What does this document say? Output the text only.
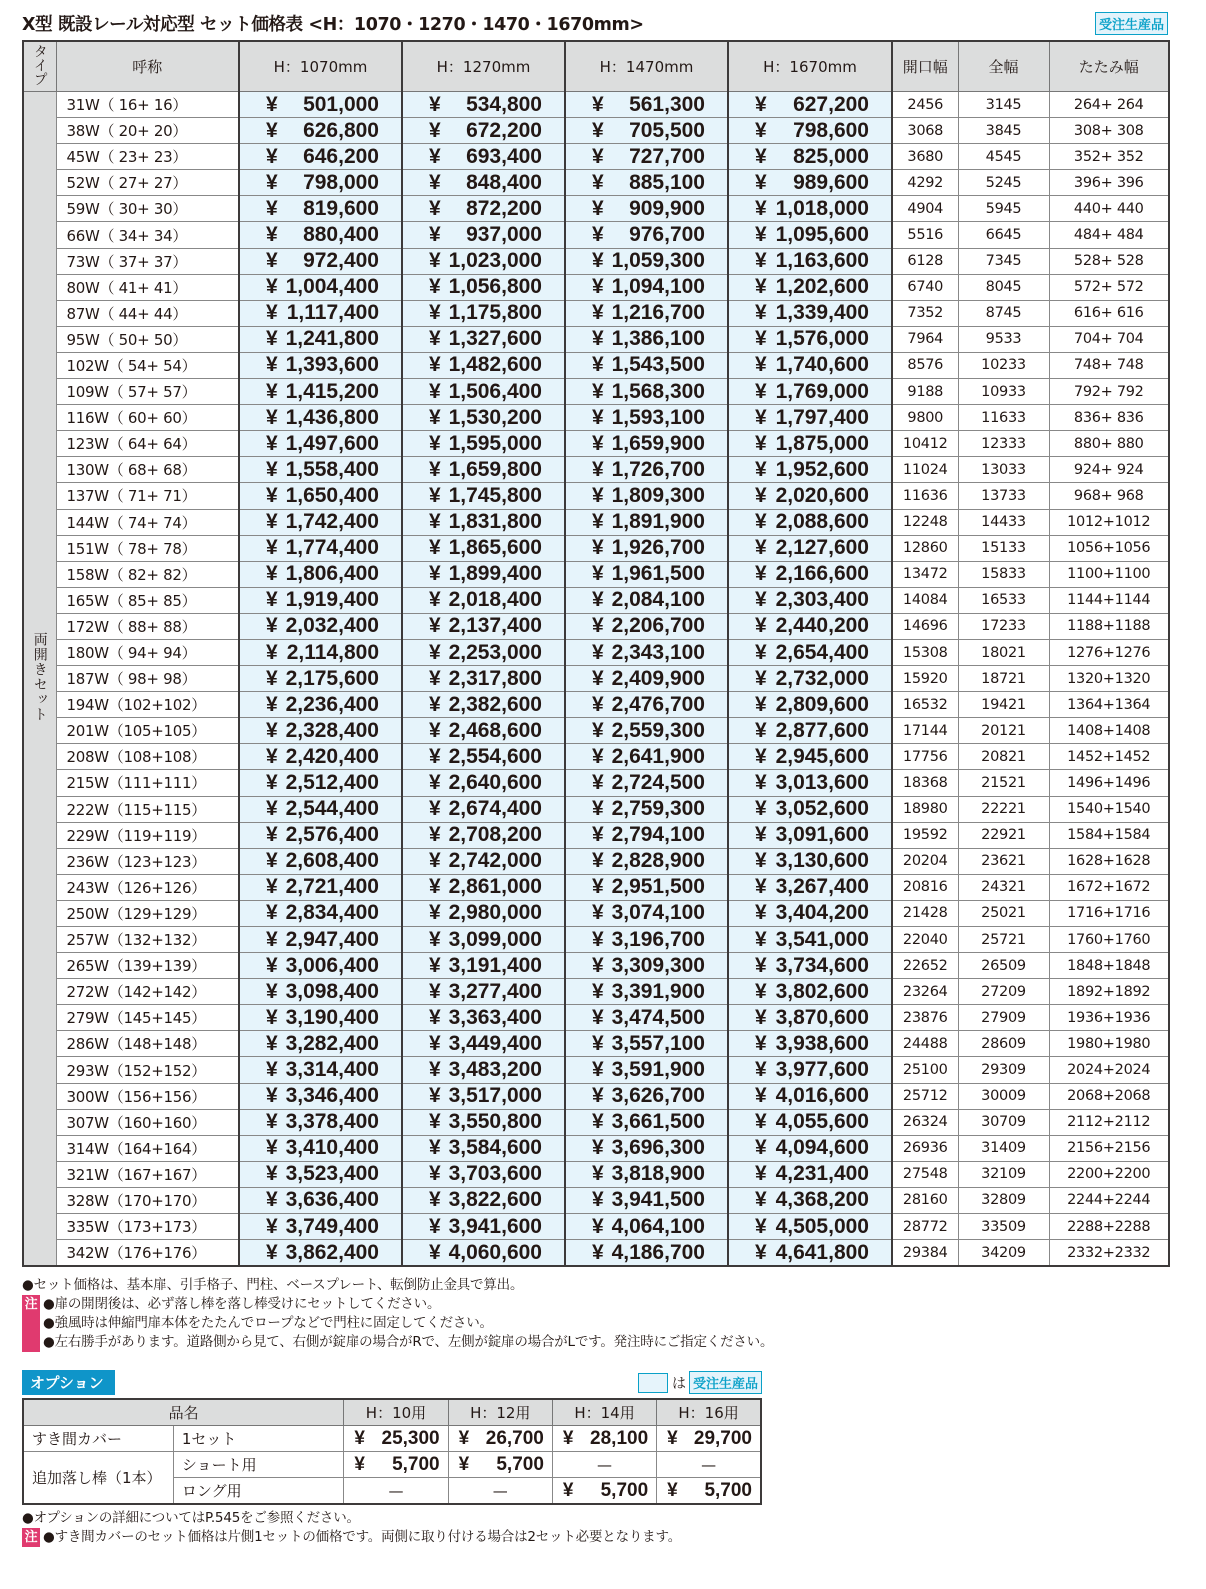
X型 既設レール対応型 セット価格表 <H：1070・1270・1470・1670mm>	受注生産品
タイプ	呼称	H：1070mm	H：1270mm	H：1470mm	H：1670mm	開口幅	全幅	たたみ幅
両開きセット	31W（ 16+ 16）	¥ 501,000	¥ 534,800	¥ 561,300	¥ 627,200	2456	3145	264+ 264
	38W（ 20+ 20）	¥ 626,800	¥ 672,200	¥ 705,500	¥ 798,600	3068	3845	308+ 308
	45W（ 23+ 23）	¥ 646,200	¥ 693,400	¥ 727,700	¥ 825,000	3680	4545	352+ 352
	52W（ 27+ 27）	¥ 798,000	¥ 848,400	¥ 885,100	¥ 989,600	4292	5245	396+ 396
	59W（ 30+ 30）	¥ 819,600	¥ 872,200	¥ 909,900	¥ 1,018,000	4904	5945	440+ 440
	66W（ 34+ 34）	¥ 880,400	¥ 937,000	¥ 976,700	¥ 1,095,600	5516	6645	484+ 484
	73W（ 37+ 37）	¥ 972,400	¥ 1,023,000	¥ 1,059,300	¥ 1,163,600	6128	7345	528+ 528
	80W（ 41+ 41）	¥ 1,004,400	¥ 1,056,800	¥ 1,094,100	¥ 1,202,600	6740	8045	572+ 572
	87W（ 44+ 44）	¥ 1,117,400	¥ 1,175,800	¥ 1,216,700	¥ 1,339,400	7352	8745	616+ 616
	95W（ 50+ 50）	¥ 1,241,800	¥ 1,327,600	¥ 1,386,100	¥ 1,576,000	7964	9533	704+ 704
	102W（ 54+ 54）	¥ 1,393,600	¥ 1,482,600	¥ 1,543,500	¥ 1,740,600	8576	10233	748+ 748
	109W（ 57+ 57）	¥ 1,415,200	¥ 1,506,400	¥ 1,568,300	¥ 1,769,000	9188	10933	792+ 792
	116W（ 60+ 60）	¥ 1,436,800	¥ 1,530,200	¥ 1,593,100	¥ 1,797,400	9800	11633	836+ 836
	123W（ 64+ 64）	¥ 1,497,600	¥ 1,595,000	¥ 1,659,900	¥ 1,875,000	10412	12333	880+ 880
	130W（ 68+ 68）	¥ 1,558,400	¥ 1,659,800	¥ 1,726,700	¥ 1,952,600	11024	13033	924+ 924
	137W（ 71+ 71）	¥ 1,650,400	¥ 1,745,800	¥ 1,809,300	¥ 2,020,600	11636	13733	968+ 968
	144W（ 74+ 74）	¥ 1,742,400	¥ 1,831,800	¥ 1,891,900	¥ 2,088,600	12248	14433	1012+1012
	151W（ 78+ 78）	¥ 1,774,400	¥ 1,865,600	¥ 1,926,700	¥ 2,127,600	12860	15133	1056+1056
	158W（ 82+ 82）	¥ 1,806,400	¥ 1,899,400	¥ 1,961,500	¥ 2,166,600	13472	15833	1100+1100
	165W（ 85+ 85）	¥ 1,919,400	¥ 2,018,400	¥ 2,084,100	¥ 2,303,400	14084	16533	1144+1144
	172W（ 88+ 88）	¥ 2,032,400	¥ 2,137,400	¥ 2,206,700	¥ 2,440,200	14696	17233	1188+1188
	180W（ 94+ 94）	¥ 2,114,800	¥ 2,253,000	¥ 2,343,100	¥ 2,654,400	15308	18021	1276+1276
	187W（ 98+ 98）	¥ 2,175,600	¥ 2,317,800	¥ 2,409,900	¥ 2,732,000	15920	18721	1320+1320
	194W（102+102）	¥ 2,236,400	¥ 2,382,600	¥ 2,476,700	¥ 2,809,600	16532	19421	1364+1364
	201W（105+105）	¥ 2,328,400	¥ 2,468,600	¥ 2,559,300	¥ 2,877,600	17144	20121	1408+1408
	208W（108+108）	¥ 2,420,400	¥ 2,554,600	¥ 2,641,900	¥ 2,945,600	17756	20821	1452+1452
	215W（111+111）	¥ 2,512,400	¥ 2,640,600	¥ 2,724,500	¥ 3,013,600	18368	21521	1496+1496
	222W（115+115）	¥ 2,544,400	¥ 2,674,400	¥ 2,759,300	¥ 3,052,600	18980	22221	1540+1540
	229W（119+119）	¥ 2,576,400	¥ 2,708,200	¥ 2,794,100	¥ 3,091,600	19592	22921	1584+1584
	236W（123+123）	¥ 2,608,400	¥ 2,742,000	¥ 2,828,900	¥ 3,130,600	20204	23621	1628+1628
	243W（126+126）	¥ 2,721,400	¥ 2,861,000	¥ 2,951,500	¥ 3,267,400	20816	24321	1672+1672
	250W（129+129）	¥ 2,834,400	¥ 2,980,000	¥ 3,074,100	¥ 3,404,200	21428	25021	1716+1716
	257W（132+132）	¥ 2,947,400	¥ 3,099,000	¥ 3,196,700	¥ 3,541,000	22040	25721	1760+1760
	265W（139+139）	¥ 3,006,400	¥ 3,191,400	¥ 3,309,300	¥ 3,734,600	22652	26509	1848+1848
	272W（142+142）	¥ 3,098,400	¥ 3,277,400	¥ 3,391,900	¥ 3,802,600	23264	27209	1892+1892
	279W（145+145）	¥ 3,190,400	¥ 3,363,400	¥ 3,474,500	¥ 3,870,600	23876	27909	1936+1936
	286W（148+148）	¥ 3,282,400	¥ 3,449,400	¥ 3,557,100	¥ 3,938,600	24488	28609	1980+1980
	293W（152+152）	¥ 3,314,400	¥ 3,483,200	¥ 3,591,900	¥ 3,977,600	25100	29309	2024+2024
	300W（156+156）	¥ 3,346,400	¥ 3,517,000	¥ 3,626,700	¥ 4,016,600	25712	30009	2068+2068
	307W（160+160）	¥ 3,378,400	¥ 3,550,800	¥ 3,661,500	¥ 4,055,600	26324	30709	2112+2112
	314W（164+164）	¥ 3,410,400	¥ 3,584,600	¥ 3,696,300	¥ 4,094,600	26936	31409	2156+2156
	321W（167+167）	¥ 3,523,400	¥ 3,703,600	¥ 3,818,900	¥ 4,231,400	27548	32109	2200+2200
	328W（170+170）	¥ 3,636,400	¥ 3,822,600	¥ 3,941,500	¥ 4,368,200	28160	32809	2244+2244
	335W（173+173）	¥ 3,749,400	¥ 3,941,600	¥ 4,064,100	¥ 4,505,000	28772	33509	2288+2288
	342W（176+176）	¥ 3,862,400	¥ 4,060,600	¥ 4,186,700	¥ 4,641,800	29384	34209	2332+2332
●セット価格は、基本扉、引手格子、門柱、ベースプレート、転倒防止金具で算出。
注 ●扉の開閉後は、必ず落し棒を落し棒受けにセットしてください。
●強風時は伸縮門扉本体をたたんでロープなどで門柱に固定してください。
●左右勝手があります。道路側から見て、右側が錠扉の場合がRで、左側が錠扉の場合がLです。発注時にご指定ください。
オプション	は 受注生産品
品名		H：10用	H：12用	H：14用	H：16用
すき間カバー	1セット	¥ 25,300	¥ 26,700	¥ 28,100	¥ 29,700

追加落し棒（1本）	ショート用	¥ 5,700	¥ 5,700	—	—
	ロング用	—	—	¥ 5,700	¥ 5,700
●オプションの詳細についてはP.545をご参照ください。
注 ●すき間カバーのセット価格は片側1セットの価格です。両側に取り付ける場合は2セット必要となります。
